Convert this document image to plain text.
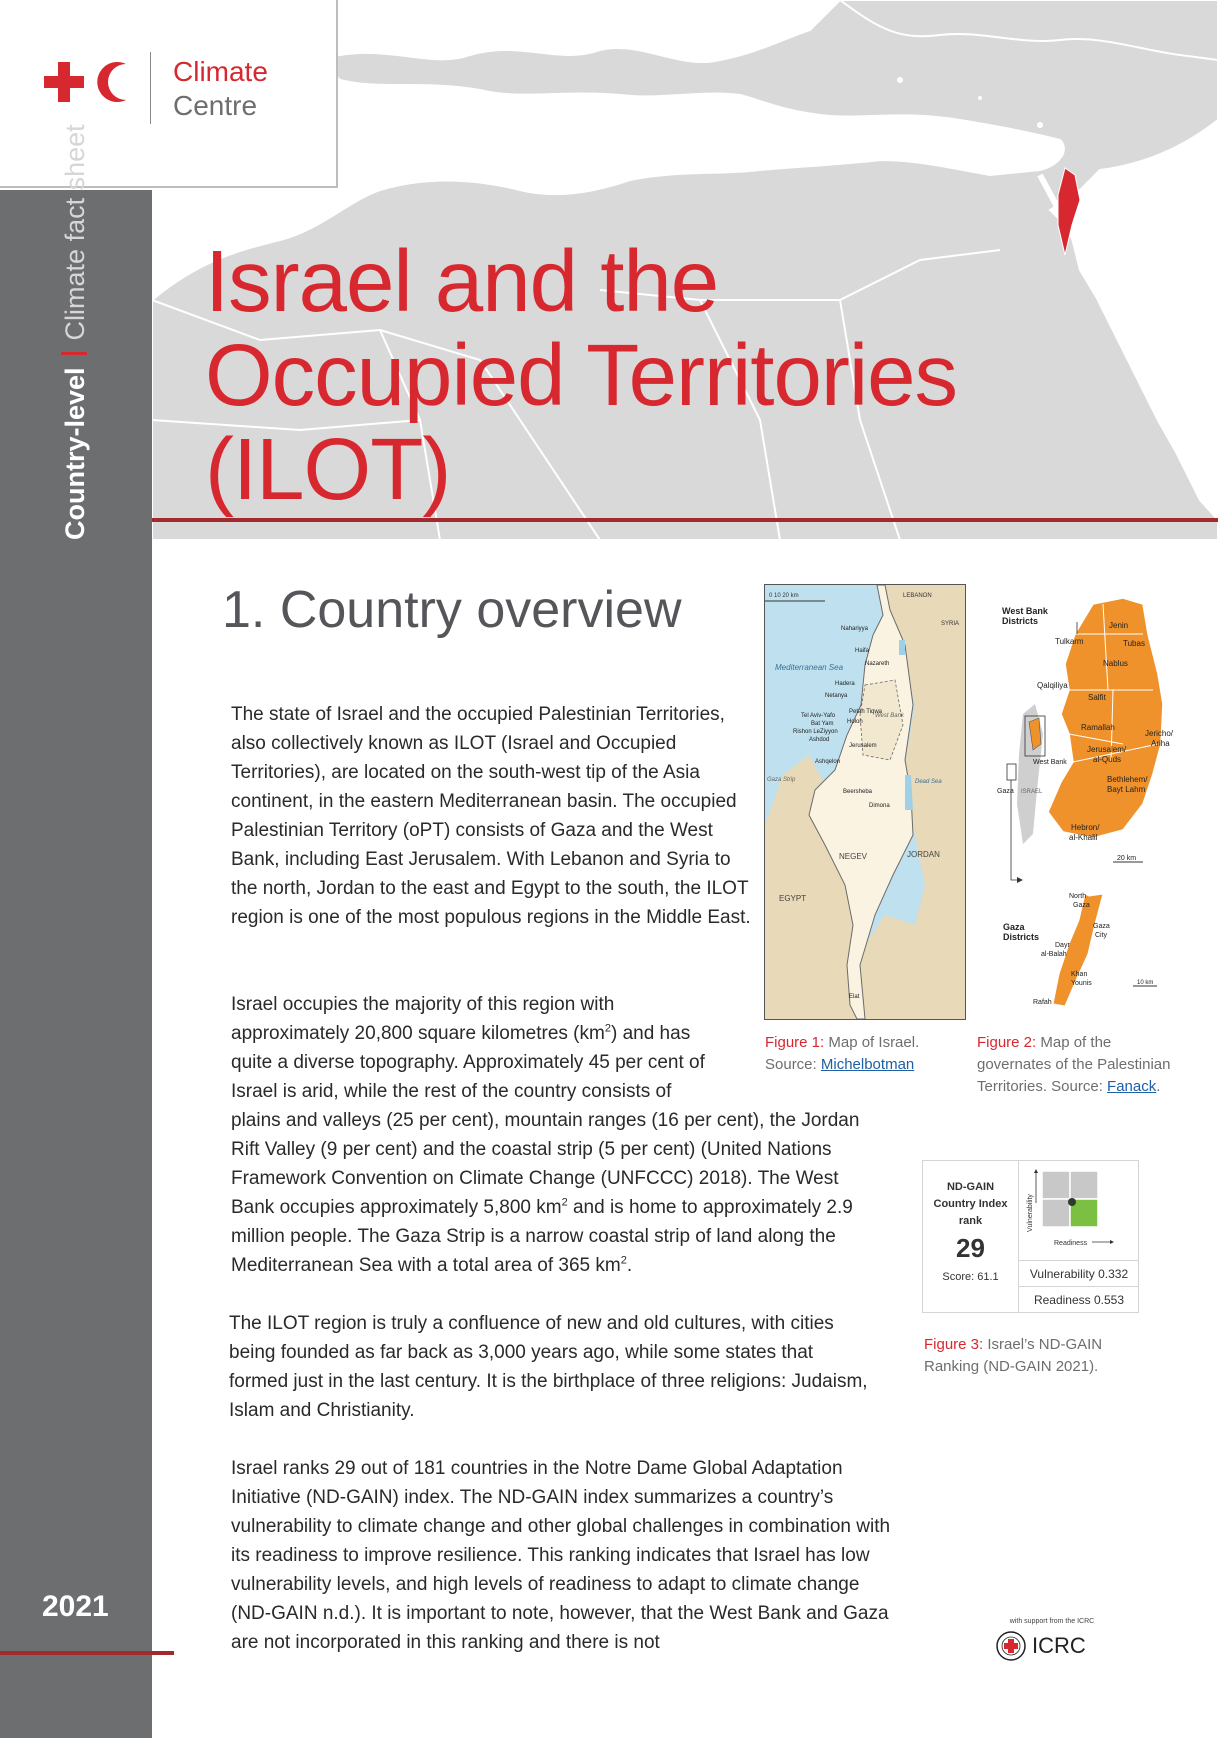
Climate
Centre
Country-levelClimate fact sheet
2021
Israel and the
Occupied Territories
(ILOT)
1. Country overview

The state of Israel and the occupied Palestinian Territories, also collectively known as ILOT (Israel and Occupied Territories), are located on the south-west tip of the Asia continent, in the eastern Mediterranean basin. The occupied Palestinian Territory (oPT) consists of Gaza and the West Bank, including East Jerusalem. With Lebanon and Syria to the north, Jordan to the east and Egypt to the south, the ILOT region is one of the most populous regions in the Middle East.

Israel occupies the majority of this region with approximately 20,800 square kilometres $(km^2)$ and has quite a diverse topography. Approximately 45 per cent of Israel is arid, while the rest of the country consists of

plains and valleys (25 per cent), mountain ranges (16 per cent), the Jordan Rift Valley (9 per cent) and the coastal strip (5 per cent) (United Nations Framework Convention on Climate Change (UNFCCC) 2018). The West Bank occupies approximately 5,800 $km^2$ and is home to approximately 2.9 million people. The Gaza Strip is a narrow coastal strip of land along the Mediterranean Sea with a total area of 365 $km^2$.

The ILOT region is truly a confluence of new and old cultures, with cities being founded as far back as 3,000 years ago, while some states that formed just in the last century. It is the birthplace of three religions: Judaism, Islam and Christianity.

Israel ranks 29 out of 181 countries in the Notre Dame Global Adaptation Initiative (ND-GAIN) index. The ND-GAIN index summarizes a country’s vulnerability to climate change and other global challenges in combination with its readiness to improve resilience. This ranking indicates that Israel has low vulnerability levels, and high levels of readiness to adapt to climate change (ND-GAIN n.d.). It is important to note, however, that the West Bank and Gaza are not incorporated in this ranking and there is not

0 10 20 km	LEBANON
SYRIA
Mediterranean Sea
Nahariyya
Haifa
Nazareth
Hadera
Netanya
Petah Tiqwa
Tel Aviv-Yafo
Bat Yam Holon
Rishon LeZiyyon
Ashdod
West Bank
Jerusalem
Ashqelon
Gaza Strip	Dead Sea
Beersheba
Dimona
NEGEV	JORDAN
EGYPT
Elat
Figure 1: Map of Israel. Source: Michelbotman
West Bank
Districts	Jenin
Tulkarm	Tubas
Nablus
Qalqiliya
Salfit
Ramallah
Jericho/
Ariha
Jerusalem/
al-Quds
Bethlehem/
Bayt Lahm
Hebron/
al-Khalil
20 km
West Bank
ISRAEL
Gaza
North
Gaza
Gaza
City
Gaza
Districts
Dayr
al-Balah
Khan
Younis
Rafah
10 km
Figure 2: Map of the governates of the Palestinian Territories. Source: Fanack.
ND-GAIN
Country Index
rank
29
Score: 61.1
Vulnerability
Readiness
Vulnerability 0.332
Readiness 0.553
Figure 3: Israel’s ND-GAIN Ranking (ND-GAIN 2021).
with support from the ICRC
ICRC
